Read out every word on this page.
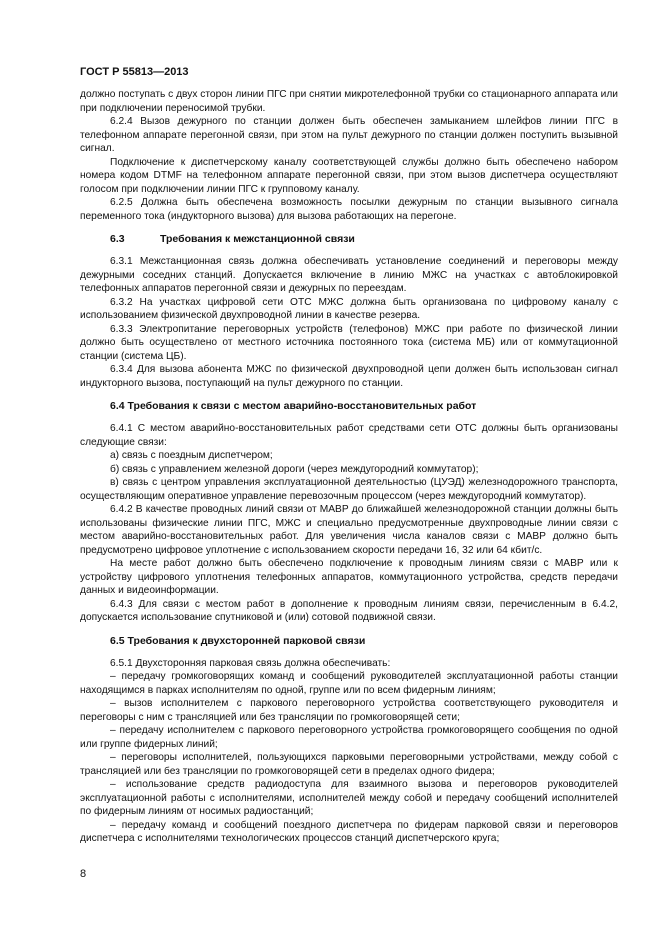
ГОСТ Р 55813—2013

должно поступать с двух сторон линии ПГС при снятии микротелефонной трубки со стационарного аппарата или при подключении переносимой трубки.

6.2.4 Вызов дежурного по станции должен быть обеспечен замыканием шлейфов линии ПГС в телефонном аппарате перегонной связи, при этом на пульт дежурного по станции должен поступить вызывной сигнал.

Подключение к диспетчерскому каналу соответствующей службы должно быть обеспечено набором номера кодом DTMF на телефонном аппарате перегонной связи, при этом вызов диспетчера осуществляют голосом при подключении линии ПГС к групповому каналу.

6.2.5 Должна быть обеспечена возможность посылки дежурным по станции вызывного сигнала переменного тока (индукторного вызова) для вызова работающих на перегоне.

6.3	Требования к межстанционной связи

6.3.1 Межстанционная связь должна обеспечивать установление соединений и переговоры между дежурными соседних станций. Допускается включение в линию МЖС на участках с автоблокировкой телефонных аппаратов перегонной связи и дежурных по переездам.

6.3.2 На участках цифровой сети ОТС МЖС должна быть организована по цифровому каналу с использованием физической двухпроводной линии в качестве резерва.

6.3.3 Электропитание переговорных устройств (телефонов) МЖС при работе по физической линии должно быть осуществлено от местного источника постоянного тока (система МБ) или от коммутационной станции (система ЦБ).

6.3.4 Для вызова абонента МЖС по физической двухпроводной цепи должен быть использован сигнал индукторного вызова, поступающий на пульт дежурного по станции.

6.4 Требования к связи с местом аварийно-восстановительных работ

6.4.1 С местом аварийно-восстановительных работ средствами сети ОТС должны быть организованы следующие связи:

а) связь с поездным диспетчером;

б) связь с управлением железной дороги (через междугородний коммутатор);

в) связь с центром управления эксплуатационной деятельностью (ЦУЭД) железнодорожного транспорта, осуществляющим оперативное управление перевозочным процессом (через междугородний коммутатор).

6.4.2 В качестве проводных линий связи от МАВР до ближайшей железнодорожной станции должны быть использованы физические линии ПГС, МЖС и специально предусмотренные двухпроводные линии связи с местом аварийно-восстановительных работ. Для увеличения числа каналов связи с МАВР должно быть предусмотрено цифровое уплотнение с использованием скорости передачи 16, 32 или 64 кбит/с.

На месте работ должно быть обеспечено подключение к проводным линиям связи с МАВР или к устройству цифрового уплотнения телефонных аппаратов, коммутационного устройства, средств передачи данных и видеоинформации.

6.4.3 Для связи с местом работ в дополнение к проводным линиям связи, перечисленным в 6.4.2, допускается использование спутниковой и (или) сотовой подвижной связи.

6.5 Требования к двухсторонней парковой связи

6.5.1 Двухсторонняя парковая связь должна обеспечивать:

– передачу громкоговорящих команд и сообщений руководителей эксплуатационной работы станции находящимся в парках исполнителям по одной, группе или по всем фидерным линиям;

– вызов исполнителем с паркового переговорного устройства соответствующего руководителя и переговоры с ним с трансляцией или без трансляции по громкоговорящей сети;

– передачу исполнителем с паркового переговорного устройства громкоговорящего сообщения по одной или группе фидерных линий;

– переговоры исполнителей, пользующихся парковыми переговорными устройствами, между собой с трансляцией или без трансляции по громкоговорящей сети в пределах одного фидера;

– использование средств радиодоступа для взаимного вызова и переговоров руководителей эксплуатационной работы с исполнителями, исполнителей между собой и передачу сообщений исполнителей по фидерным линиям от носимых радиостанций;

– передачу команд и сообщений поездного диспетчера по фидерам парковой связи и переговоров диспетчера с исполнителями технологических процессов станций диспетчерского круга;

8
